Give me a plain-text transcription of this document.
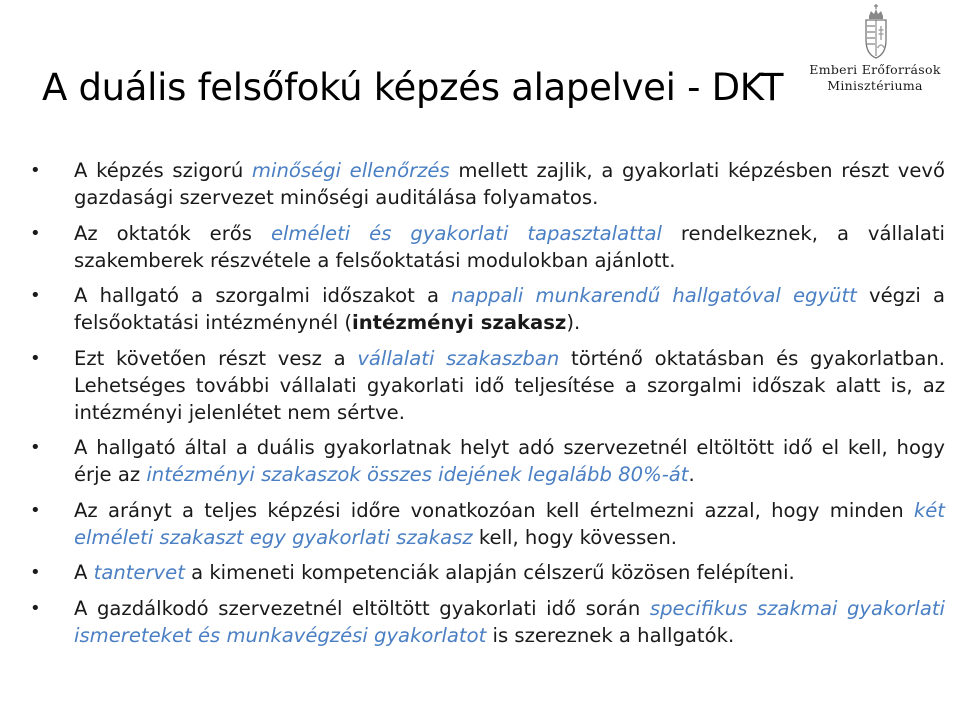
A duális felsőfokú képzés alapelvei - DKT	Emberi Erőforrások
Minisztériuma
• A képzés szigorú minőségi ellenőrzés mellett zajlik, a gyakorlati képzésben részt vevő gazdasági szervezet minőségi auditálása folyamatos.
• Az oktatók erős elméleti és gyakorlati tapasztalattal rendelkeznek, a vállalati szakemberek részvétele a felsőoktatási modulokban ajánlott.
• A hallgató a szorgalmi időszakot a nappali munkarendű hallgatóval együtt végzi a felsőoktatási intézménynél (intézményi szakasz).
• Ezt követően részt vesz a vállalati szakaszban történő oktatásban és gyakorlatban. Lehetséges további vállalati gyakorlati idő teljesítése a szorgalmi időszak alatt is, az intézményi jelenlétet nem sértve.
• A hallgató által a duális gyakorlatnak helyt adó szervezetnél eltöltött idő el kell, hogy érje az intézményi szakaszok összes idejének legalább 80%-át.
• Az arányt a teljes képzési időre vonatkozóan kell értelmezni azzal, hogy minden két elméleti szakaszt egy gyakorlati szakasz kell, hogy kövessen.
• A tantervet a kimeneti kompetenciák alapján célszerű közösen felépíteni.
• A gazdálkodó szervezetnél eltöltött gyakorlati idő során specifikus szakmai gyakorlati ismereteket és munkavégzési gyakorlatot is szereznek a hallgatók.
